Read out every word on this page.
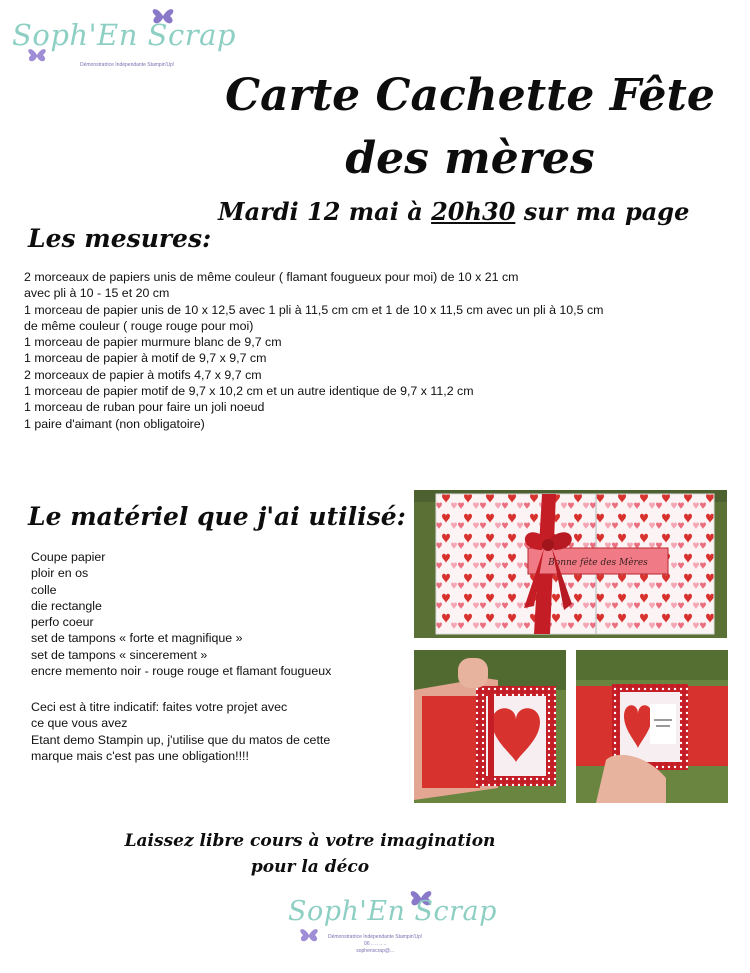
Soph'En Scrap
Démonstratrice Indépendante Stampin'Up!
Carte Cachette Fête
des mères
Mardi 12 mai à 20h30 sur ma page
Les mesures:
2 morceaux de papiers unis de même couleur ( flamant fougueux pour moi) de 10 x 21 cm
avec pli à 10 - 15 et 20 cm
1 morceau de papier unis de 10 x 12,5 avec 1 pli à 11,5 cm cm et 1 de 10 x 11,5 cm avec un pli à 10,5 cm
de même couleur ( rouge rouge pour moi)
1 morceau de papier murmure blanc de 9,7 cm
1 morceau de papier à motif de 9,7 x 9,7 cm
2 morceaux de papier à motifs 4,7 x 9,7 cm
1 morceau de papier motif de 9,7 x 10,2 cm et un autre identique de 9,7 x 11,2 cm
1 morceau de ruban pour faire un joli noeud
1 paire d'aimant (non obligatoire)
Le matériel que j'ai utilisé:
Coupe papier
ploir en os
colle
die rectangle
perfo coeur
set de tampons « forte et magnifique »
set de tampons « sincerement »
encre memento noir - rouge rouge et flamant fougueux
Ceci est à titre indicatif: faites votre projet avec
ce que vous avez
Etant demo Stampin up, j'utilise que du matos de cette
marque mais c'est pas une obligation!!!!
Bonne fête des Mères
Laissez libre cours à votre imagination
pour la déco
Soph'En Scrap
Démonstratrice Indépendante Stampin'Up!
06 .. .. .. ..
sophenscrap@...
